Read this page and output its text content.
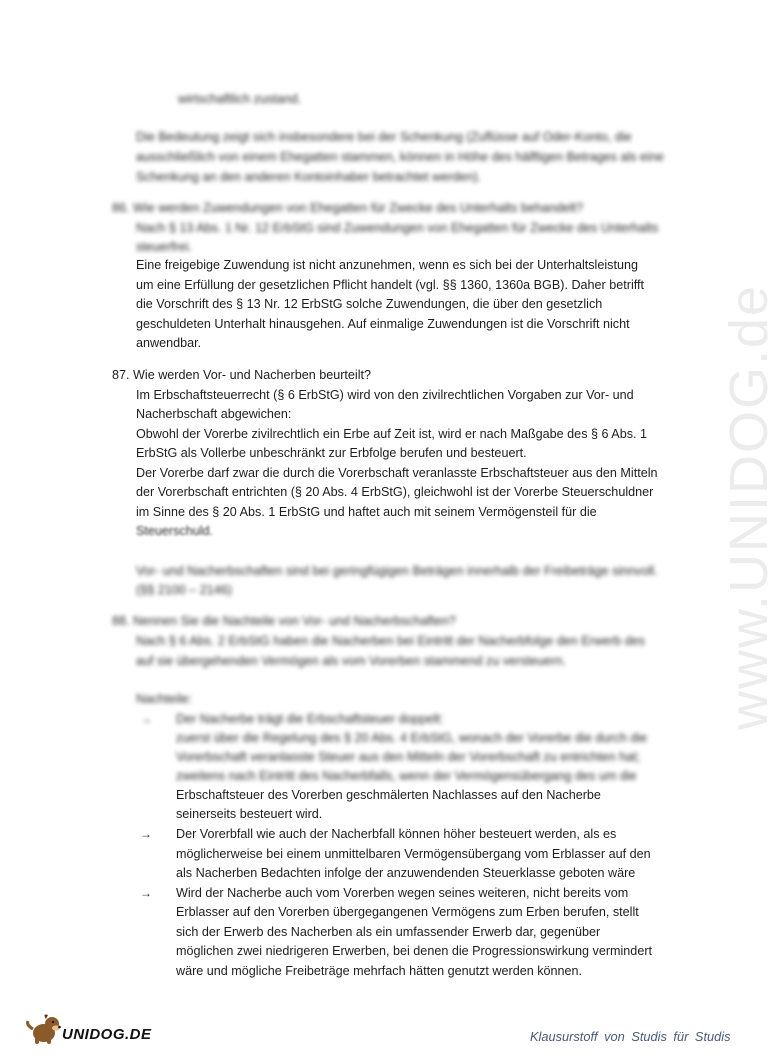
www.UNIDOG.de
wirtschaftlich zustand.
Die Bedeutung zeigt sich insbesondere bei der Schenkung (Zuflüsse auf Oder-Konto, die
ausschließlich von einem Ehegatten stammen, können in Höhe des hälftigen Betrages als eine
Schenkung an den anderen Kontoinhaber betrachtet werden).
86. Wie werden Zuwendungen von Ehegatten für Zwecke des Unterhalts behandelt?
Nach § 13 Abs. 1 Nr. 12 ErbStG sind Zuwendungen von Ehegatten für Zwecke des Unterhalts
steuerfrei.
Eine freigebige Zuwendung ist nicht anzunehmen, wenn es sich bei der Unterhaltsleistung
um eine Erfüllung der gesetzlichen Pflicht handelt (vgl. §§ 1360, 1360a BGB). Daher betrifft
die Vorschrift des § 13 Nr. 12 ErbStG solche Zuwendungen, die über den gesetzlich
geschuldeten Unterhalt hinausgehen. Auf einmalige Zuwendungen ist die Vorschrift nicht
anwendbar.
87. Wie werden Vor- und Nacherben beurteilt?
Im Erbschaftsteuerrecht (§ 6 ErbStG) wird von den zivilrechtlichen Vorgaben zur Vor- und
Nacherbschaft abgewichen:
Obwohl der Vorerbe zivilrechtlich ein Erbe auf Zeit ist, wird er nach Maßgabe des § 6 Abs. 1
ErbStG als Vollerbe unbeschränkt zur Erbfolge berufen und besteuert.
Der Vorerbe darf zwar die durch die Vorerbschaft veranlasste Erbschaftsteuer aus den Mitteln
der Vorerbschaft entrichten (§ 20 Abs. 4 ErbStG), gleichwohl ist der Vorerbe Steuerschuldner
im Sinne des § 20 Abs. 1 ErbStG und haftet auch mit seinem Vermögensteil für die
Steuerschuld.
Vor- und Nacherbschaften sind bei geringfügigen Beträgen innerhalb der Freibeträge sinnvoll.
(§§ 2100 – 2146)
88. Nennen Sie die Nachteile von Vor- und Nacherbschaften?
Nach § 6 Abs. 2 ErbStG haben die Nacherben bei Eintritt der Nacherbfolge den Erwerb des
auf sie übergehenden Vermögen als vom Vorerben stammend zu versteuern.
Nachteile:
→ Der Nacherbe trägt die Erbschaftsteuer doppelt:
zuerst über die Regelung des § 20 Abs. 4 ErbStG, wonach der Vorerbe die durch die
Vorerbschaft veranlasste Steuer aus den Mitteln der Vorerbschaft zu entrichten hat;
zweitens nach Eintritt des Nacherbfalls, wenn der Vermögensübergang des um die
Erbschaftsteuer des Vorerben geschmälerten Nachlasses auf den Nacherbe
seinerseits besteuert wird.
→ Der Vorerbfall wie auch der Nacherbfall können höher besteuert werden, als es
möglicherweise bei einem unmittelbaren Vermögensübergang vom Erblasser auf den
als Nacherben Bedachten infolge der anzuwendenden Steuerklasse geboten wäre
→ Wird der Nacherbe auch vom Vorerben wegen seines weiteren, nicht bereits vom
Erblasser auf den Vorerben übergegangenen Vermögens zum Erben berufen, stellt
sich der Erwerb des Nacherben als ein umfassender Erwerb dar, gegenüber
möglichen zwei niedrigeren Erwerben, bei denen die Progressionswirkung vermindert
wäre und mögliche Freibeträge mehrfach hätten genutzt werden können.
UNIDOG.DE	Klausurstoff von Studis für Studis
